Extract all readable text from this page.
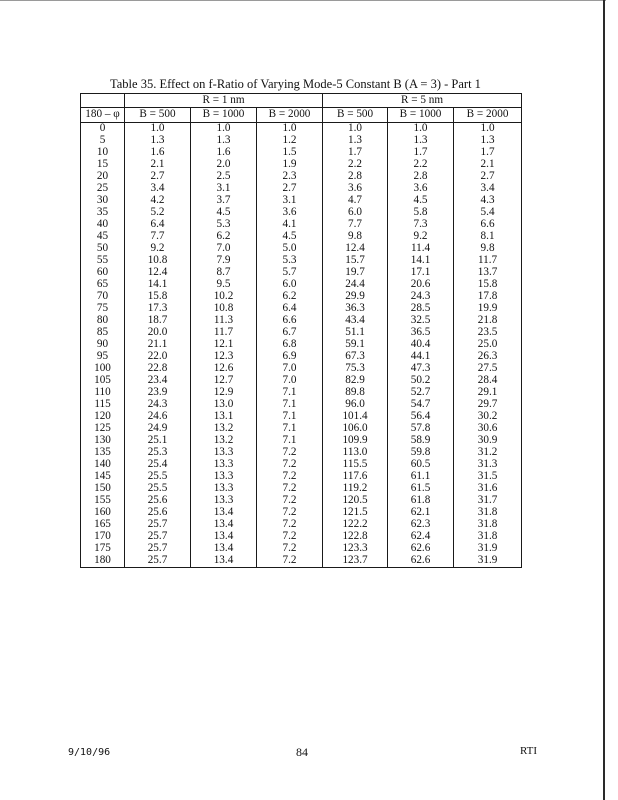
Table 35. Effect on f-Ratio of Varying Mode-5 Constant B (A = 3) - Part 1
	R = 1 nm			R = 5 nm		
180 – φ	B = 500	B = 1000	B = 2000	B = 500	B = 1000	B = 2000
0	1.0	1.0	1.0	1.0	1.0	1.0
5	1.3	1.3	1.2	1.3	1.3	1.3
10	1.6	1.6	1.5	1.7	1.7	1.7
15	2.1	2.0	1.9	2.2	2.2	2.1
20	2.7	2.5	2.3	2.8	2.8	2.7
25	3.4	3.1	2.7	3.6	3.6	3.4
30	4.2	3.7	3.1	4.7	4.5	4.3
35	5.2	4.5	3.6	6.0	5.8	5.4
40	6.4	5.3	4.1	7.7	7.3	6.6
45	7.7	6.2	4.5	9.8	9.2	8.1
50	9.2	7.0	5.0	12.4	11.4	9.8
55	10.8	7.9	5.3	15.7	14.1	11.7
60	12.4	8.7	5.7	19.7	17.1	13.7
65	14.1	9.5	6.0	24.4	20.6	15.8
70	15.8	10.2	6.2	29.9	24.3	17.8
75	17.3	10.8	6.4	36.3	28.5	19.9
80	18.7	11.3	6.6	43.4	32.5	21.8
85	20.0	11.7	6.7	51.1	36.5	23.5
90	21.1	12.1	6.8	59.1	40.4	25.0
95	22.0	12.3	6.9	67.3	44.1	26.3
100	22.8	12.6	7.0	75.3	47.3	27.5
105	23.4	12.7	7.0	82.9	50.2	28.4
110	23.9	12.9	7.1	89.8	52.7	29.1
115	24.3	13.0	7.1	96.0	54.7	29.7
120	24.6	13.1	7.1	101.4	56.4	30.2
125	24.9	13.2	7.1	106.0	57.8	30.6
130	25.1	13.2	7.1	109.9	58.9	30.9
135	25.3	13.3	7.2	113.0	59.8	31.2
140	25.4	13.3	7.2	115.5	60.5	31.3
145	25.5	13.3	7.2	117.6	61.1	31.5
150	25.5	13.3	7.2	119.2	61.5	31.6
155	25.6	13.3	7.2	120.5	61.8	31.7
160	25.6	13.4	7.2	121.5	62.1	31.8
165	25.7	13.4	7.2	122.2	62.3	31.8
170	25.7	13.4	7.2	122.8	62.4	31.8
175	25.7	13.4	7.2	123.3	62.6	31.9
180	25.7	13.4	7.2	123.7	62.6	31.9
9/10/96	84	RTI
